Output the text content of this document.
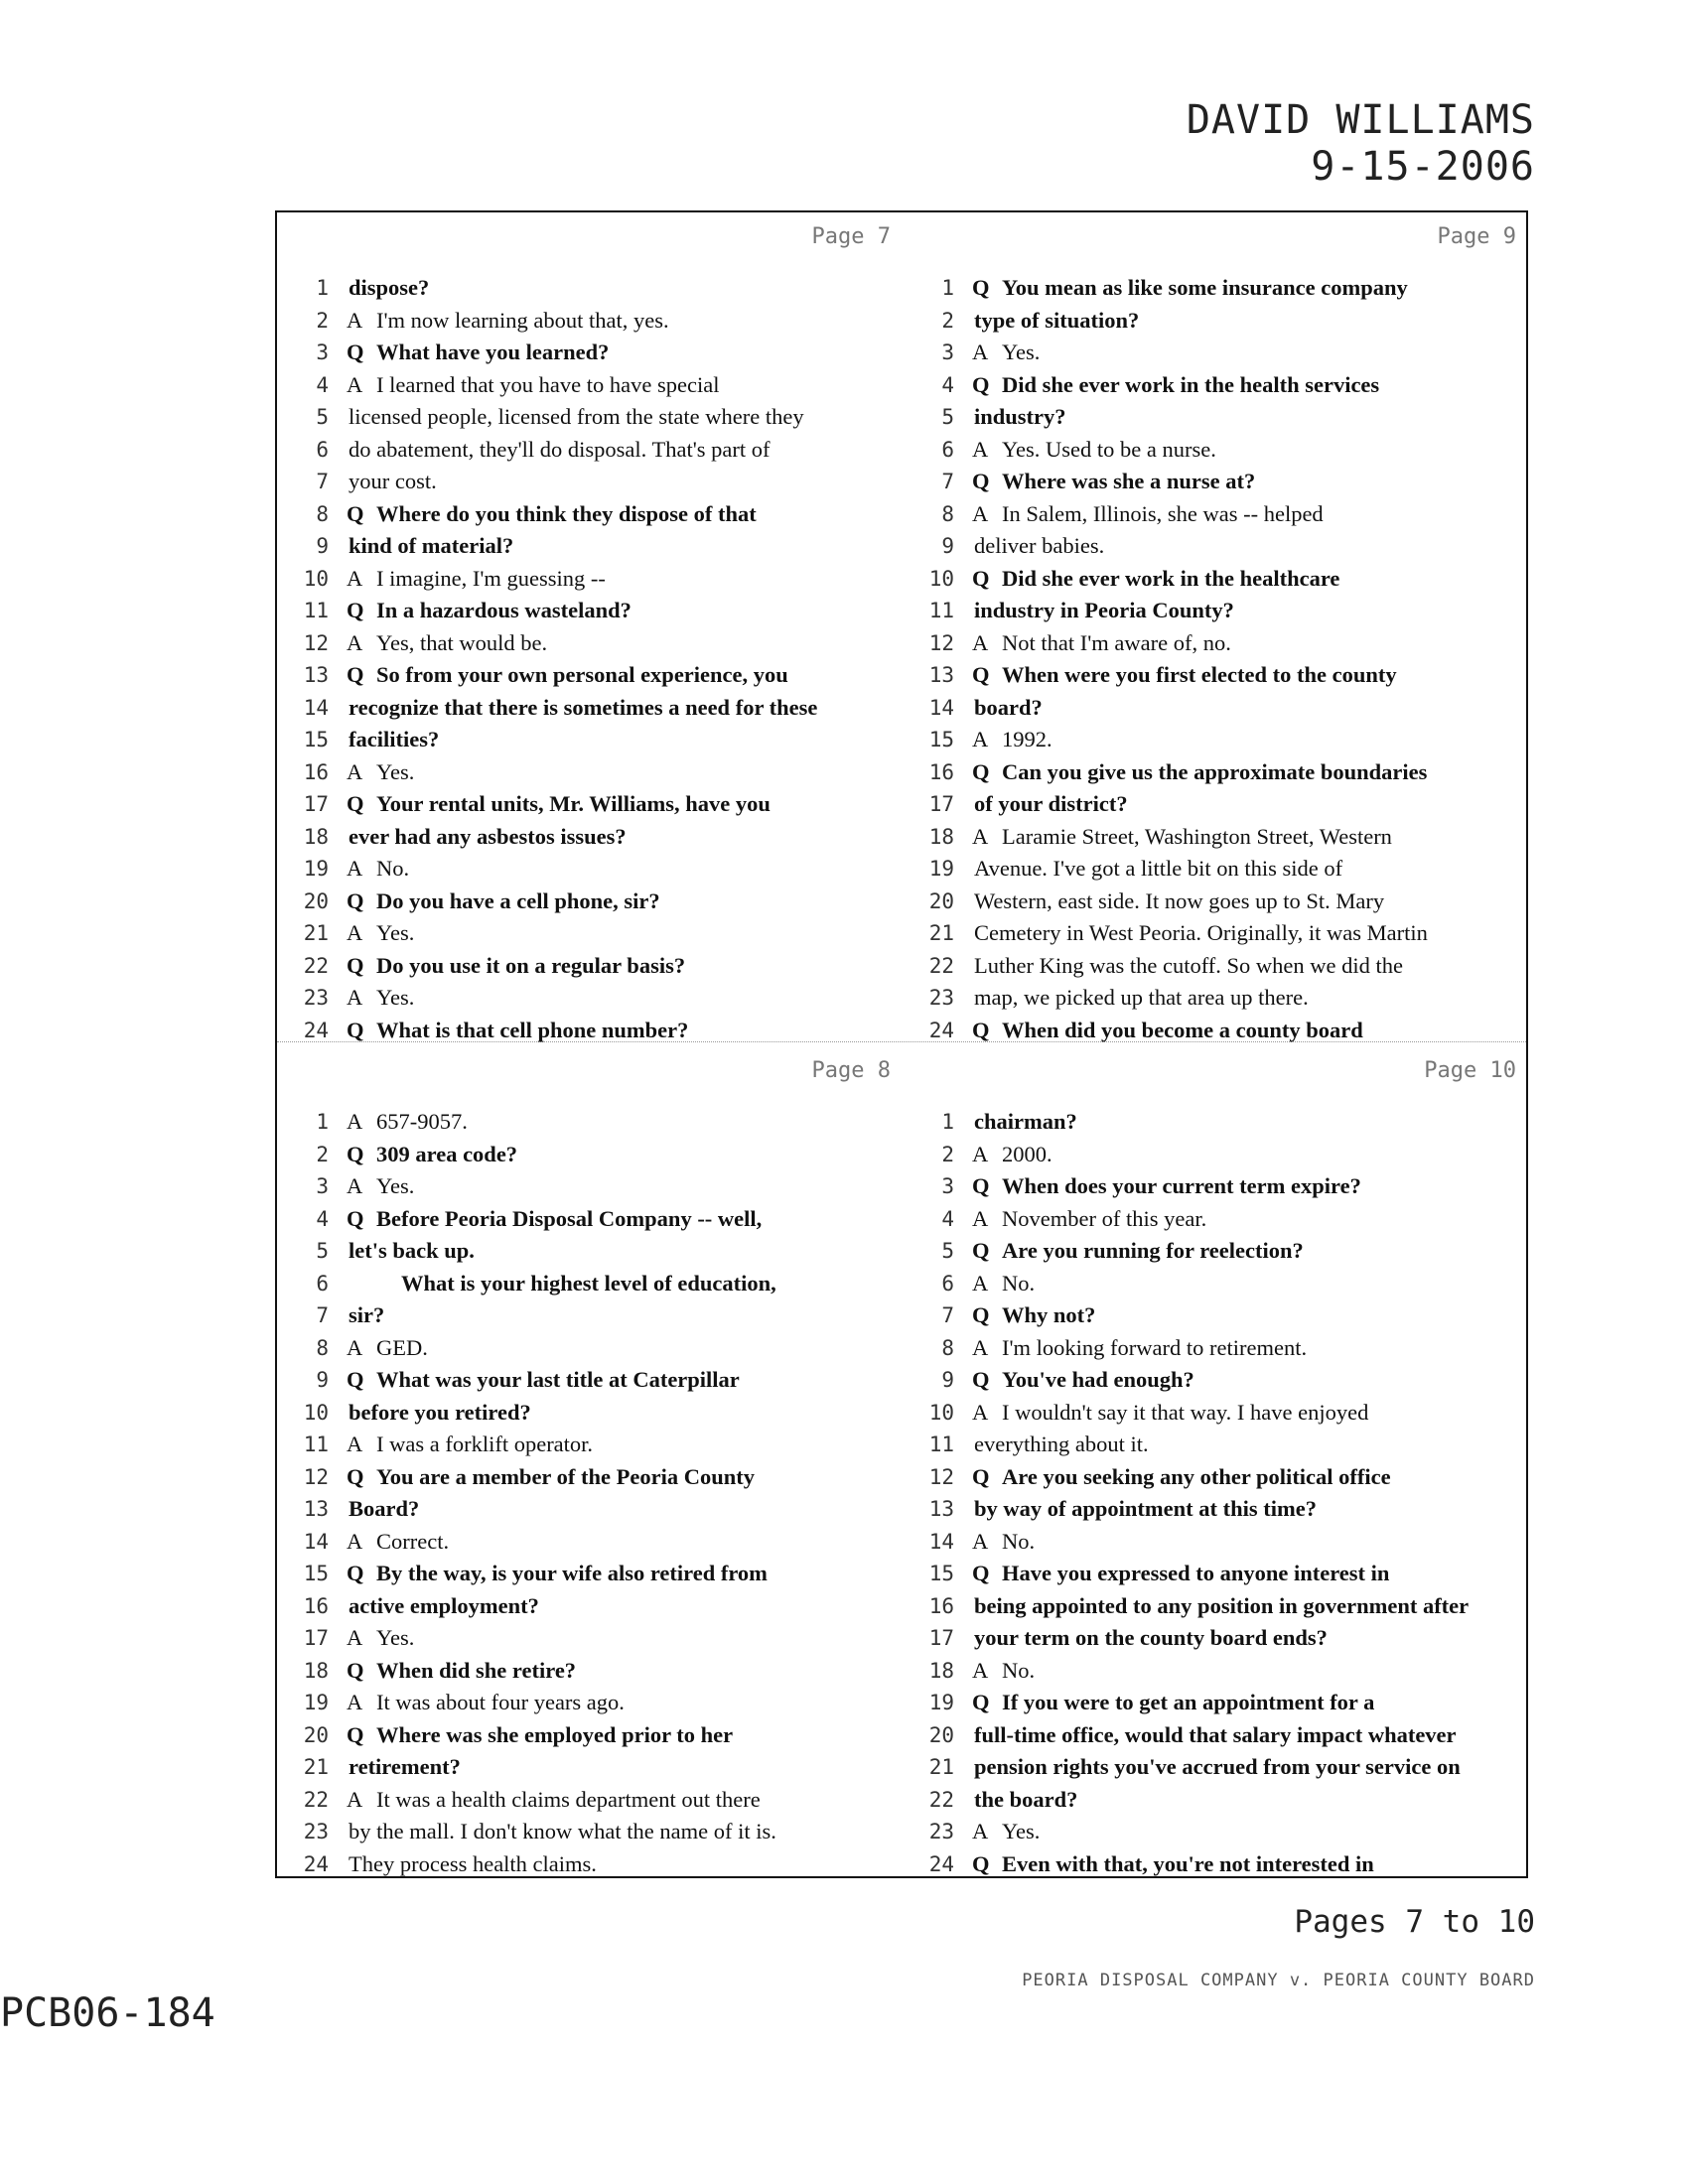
DAVID WILLIAMS
9-15-2006
Page 7
1 dispose?
2 A I'm now learning about that, yes.
3 Q What have you learned?
4 A I learned that you have to have special
5 licensed people, licensed from the state where they
6 do abatement, they'll do disposal. That's part of
7 your cost.
8 Q Where do you think they dispose of that
9 kind of material?
10 A I imagine, I'm guessing --
11 Q In a hazardous wasteland?
12 A Yes, that would be.
13 Q So from your own personal experience, you
14 recognize that there is sometimes a need for these
15 facilities?
16 A Yes.
17 Q Your rental units, Mr. Williams, have you
18 ever had any asbestos issues?
19 A No.
20 Q Do you have a cell phone, sir?
21 A Yes.
22 Q Do you use it on a regular basis?
23 A Yes.
24 Q What is that cell phone number?
Page 9
1 Q You mean as like some insurance company
2 type of situation?
3 A Yes.
4 Q Did she ever work in the health services
5 industry?
6 A Yes. Used to be a nurse.
7 Q Where was she a nurse at?
8 A In Salem, Illinois, she was -- helped
9 deliver babies.
10 Q Did she ever work in the healthcare
11 industry in Peoria County?
12 A Not that I'm aware of, no.
13 Q When were you first elected to the county
14 board?
15 A 1992.
16 Q Can you give us the approximate boundaries
17 of your district?
18 A Laramie Street, Washington Street, Western
19 Avenue. I've got a little bit on this side of
20 Western, east side. It now goes up to St. Mary
21 Cemetery in West Peoria. Originally, it was Martin
22 Luther King was the cutoff. So when we did the
23 map, we picked up that area up there.
24 Q When did you become a county board
Page 8
1 A 657-9057.
2 Q 309 area code?
3 A Yes.
4 Q Before Peoria Disposal Company -- well,
5 let's back up.
6	What is your highest level of education,
7 sir?
8 A GED.
9 Q What was your last title at Caterpillar
10 before you retired?
11 A I was a forklift operator.
12 Q You are a member of the Peoria County
13 Board?
14 A Correct.
15 Q By the way, is your wife also retired from
16 active employment?
17 A Yes.
18 Q When did she retire?
19 A It was about four years ago.
20 Q Where was she employed prior to her
21 retirement?
22 A It was a health claims department out there
23 by the mall. I don't know what the name of it is.
24 They process health claims.
Page 10
1 chairman?
2 A 2000.
3 Q When does your current term expire?
4 A November of this year.
5 Q Are you running for reelection?
6 A No.
7 Q Why not?
8 A I'm looking forward to retirement.
9 Q You've had enough?
10 A I wouldn't say it that way. I have enjoyed
11 everything about it.
12 Q Are you seeking any other political office
13 by way of appointment at this time?
14 A No.
15 Q Have you expressed to anyone interest in
16 being appointed to any position in government after
17 your term on the county board ends?
18 A No.
19 Q If you were to get an appointment for a
20 full-time office, would that salary impact whatever
21 pension rights you've accrued from your service on
22 the board?
23 A Yes.
24 Q Even with that, you're not interested in
Pages 7 to 10
PEORIA DISPOSAL COMPANY v. PEORIA COUNTY BOARD
PCB06-184
